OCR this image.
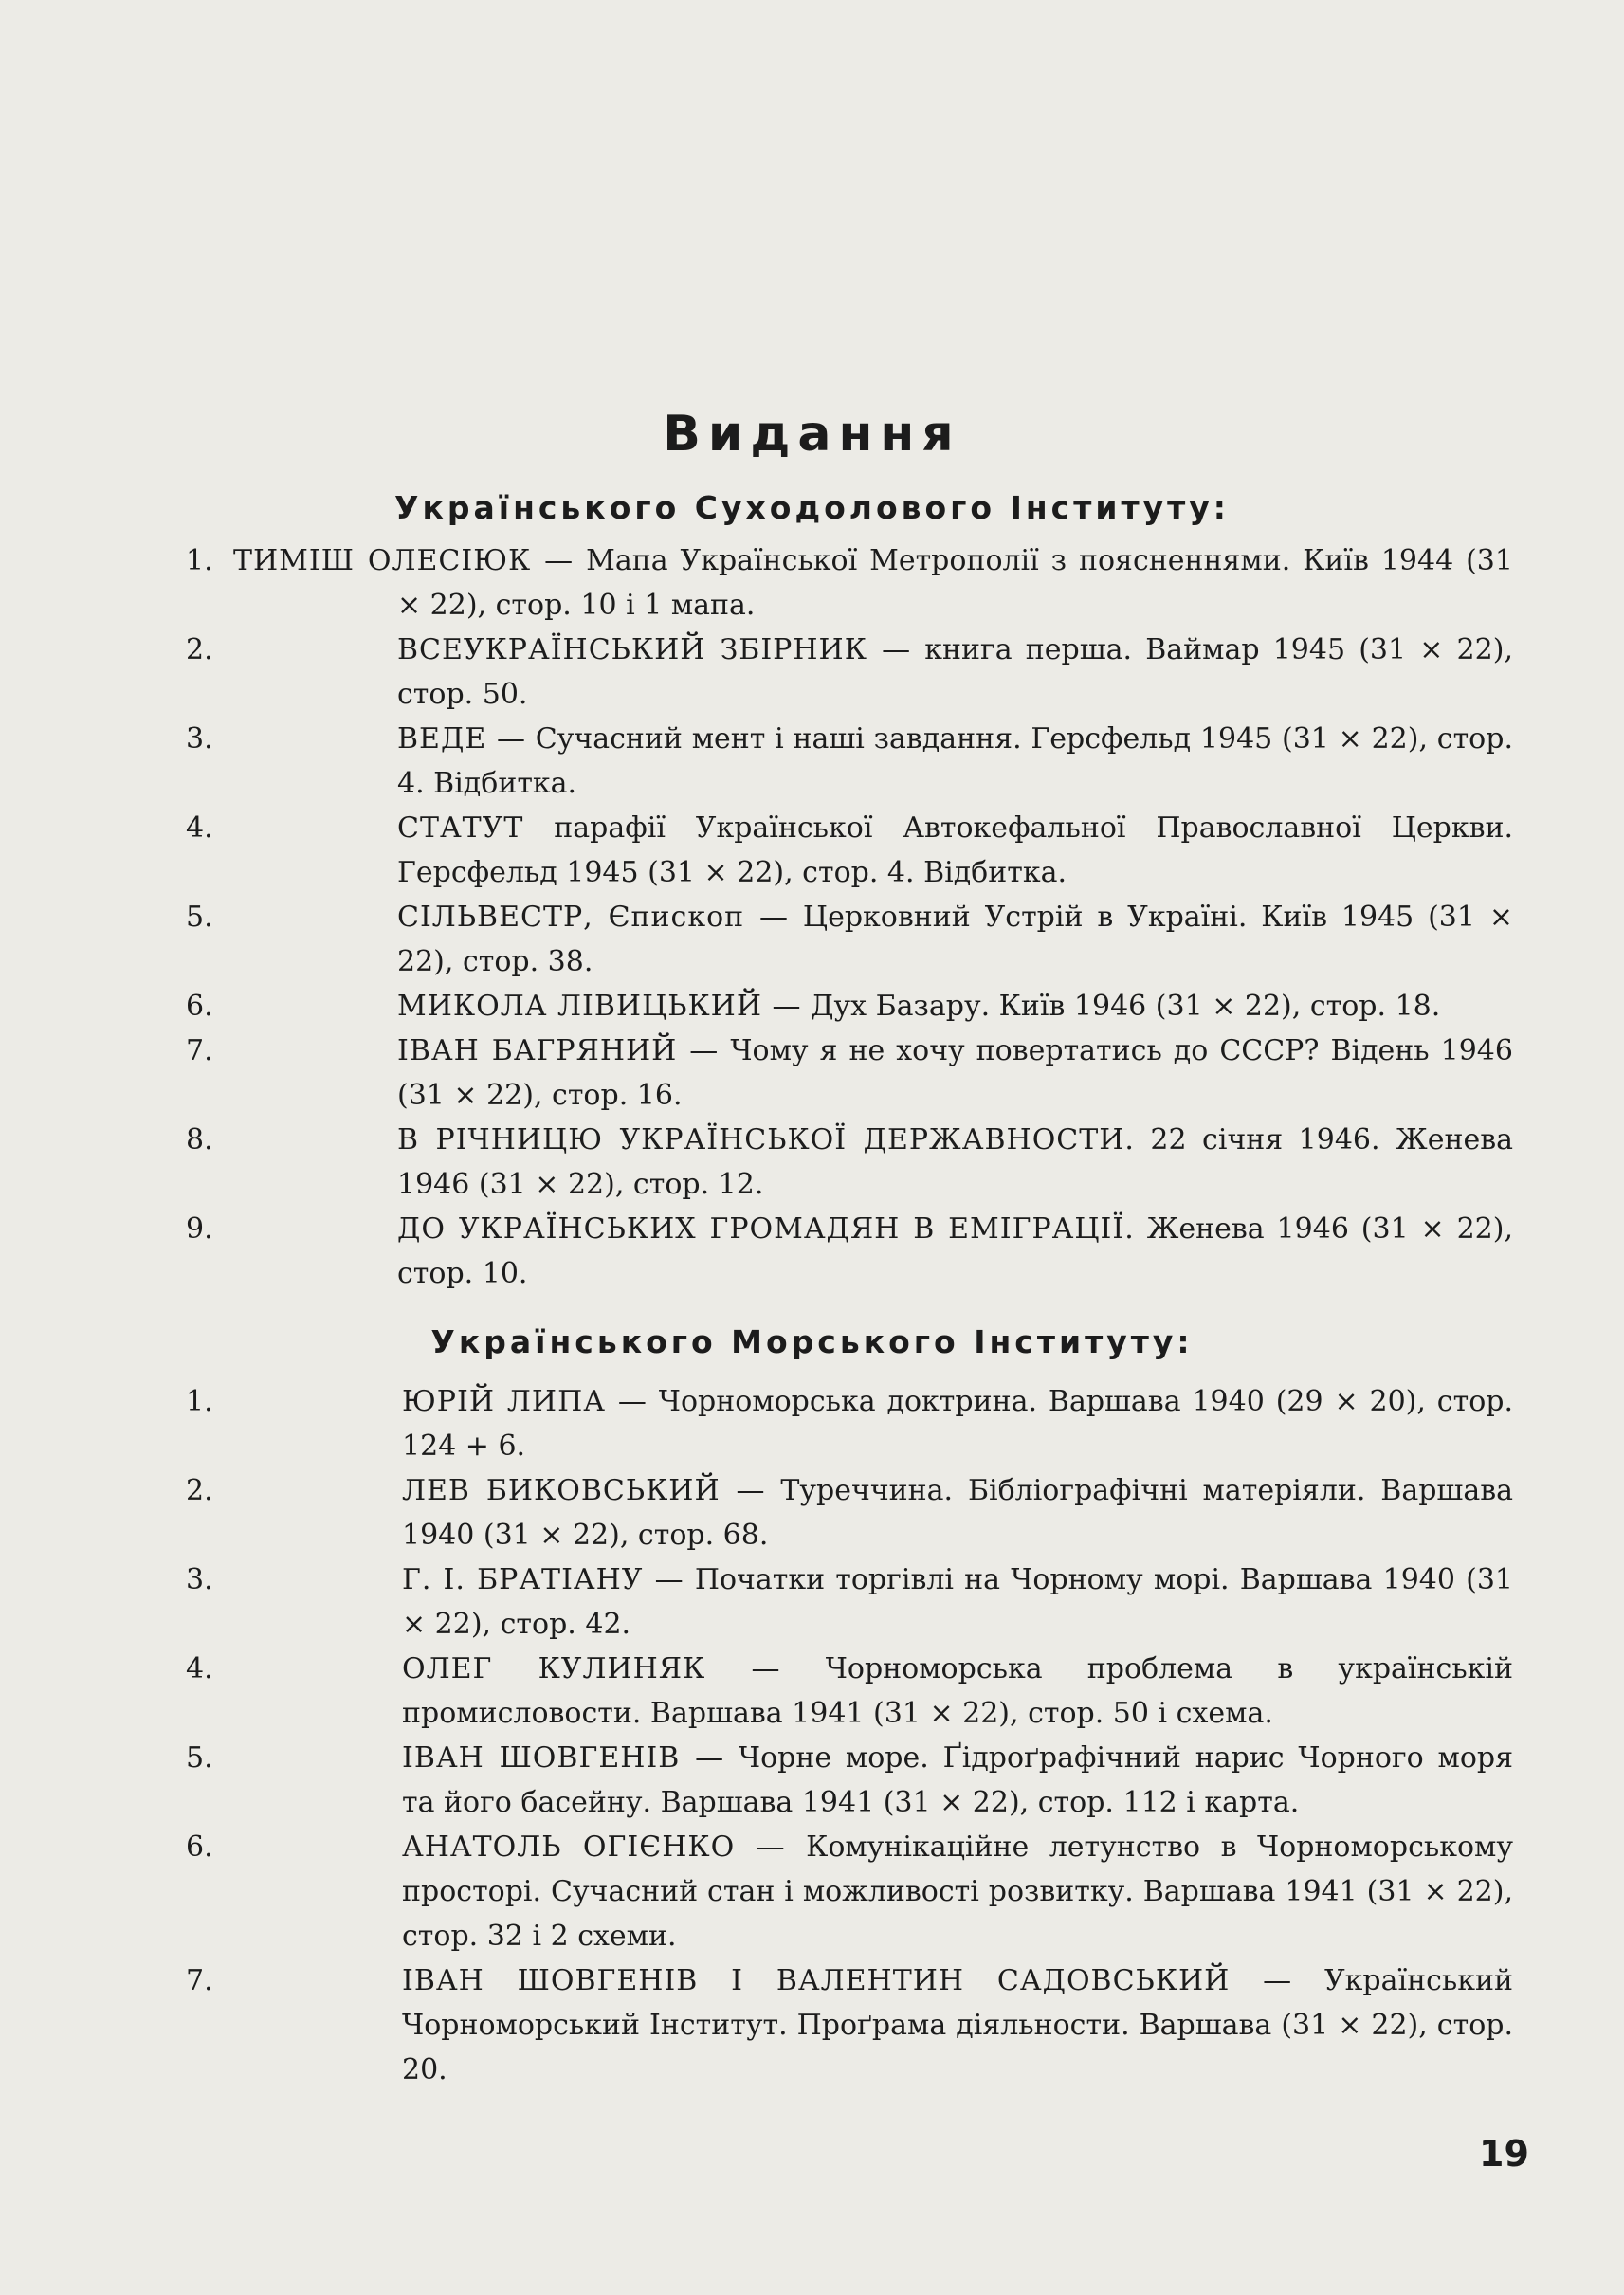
Видання
Українського Суходолового Інституту:
1. ТИМІШ ОЛЕСІЮК — Мапа Української Метрополії з поясненнями. Київ 1944 (31 × 22), стор. 10 і 1 мапа.
2.	ВСЕУКРАЇНСЬКИЙ ЗБІРНИК — книга перша. Ваймар 1945 (31 × 22), стор. 50.
3.	ВЕДЕ — Сучасний мент і наші завдання. Герсфельд 1945 (31 × 22), стор. 4. Відбитка.
4.	СТАТУТ парафії Української Автокефальної Православної Церкви. Герсфельд 1945 (31 × 22), стор. 4. Відбитка.
5.	СІЛЬВЕСТР, Єпископ — Церковний Устрій в Україні. Київ 1945 (31 × 22), стор. 38.
6.	МИКОЛА ЛІВИЦЬКИЙ — Дух Базару. Київ 1946 (31 × 22), стор. 18.
7.	ІВАН БАГРЯНИЙ — Чому я не хочу повертатись до СССР? Відень 1946 (31 × 22), стор. 16.
8.	В РІЧНИЦЮ УКРАЇНСЬКОЇ ДЕРЖАВНОСТИ. 22 січня 1946. Женева 1946 (31 × 22), стор. 12.
9.	ДО УКРАЇНСЬКИХ ГРОМАДЯН В ЕМІГРАЦІЇ. Женева 1946 (31 × 22), стор. 10.
Українського Морського Інституту:
1.	ЮРІЙ ЛИПА — Чорноморська доктрина. Варшава 1940 (29 × 20), стор. 124 + 6.
2.	ЛЕВ БИКОВСЬКИЙ — Туреччина. Бібліографічні матеріяли. Варшава 1940 (31 × 22), стор. 68.
3.	Г. І. БРАТІАНУ — Початки торгівлі на Чорному морі. Варшава 1940 (31 × 22), стор. 42.
4.	ОЛЕГ КУЛИНЯК — Чорноморська проблема в українській промисловости. Варшава 1941 (31 × 22), стор. 50 і схема.
5.	ІВАН ШОВГЕНІВ — Чорне море. Ґідроґрафічний нарис Чорного моря та його басейну. Варшава 1941 (31 × 22), стор. 112 і карта.
6.	АНАТОЛЬ ОГІЄНКО — Комунікаційне летунство в Чорноморському просторі. Сучасний стан і можливості розвитку. Варшава 1941 (31 × 22), стор. 32 і 2 схеми.
7.	ІВАН ШОВГЕНІВ І ВАЛЕНТИН САДОВСЬКИЙ — Український Чорноморський Інститут. Проґрама діяльности. Варшава (31 × 22), стор. 20.
19
